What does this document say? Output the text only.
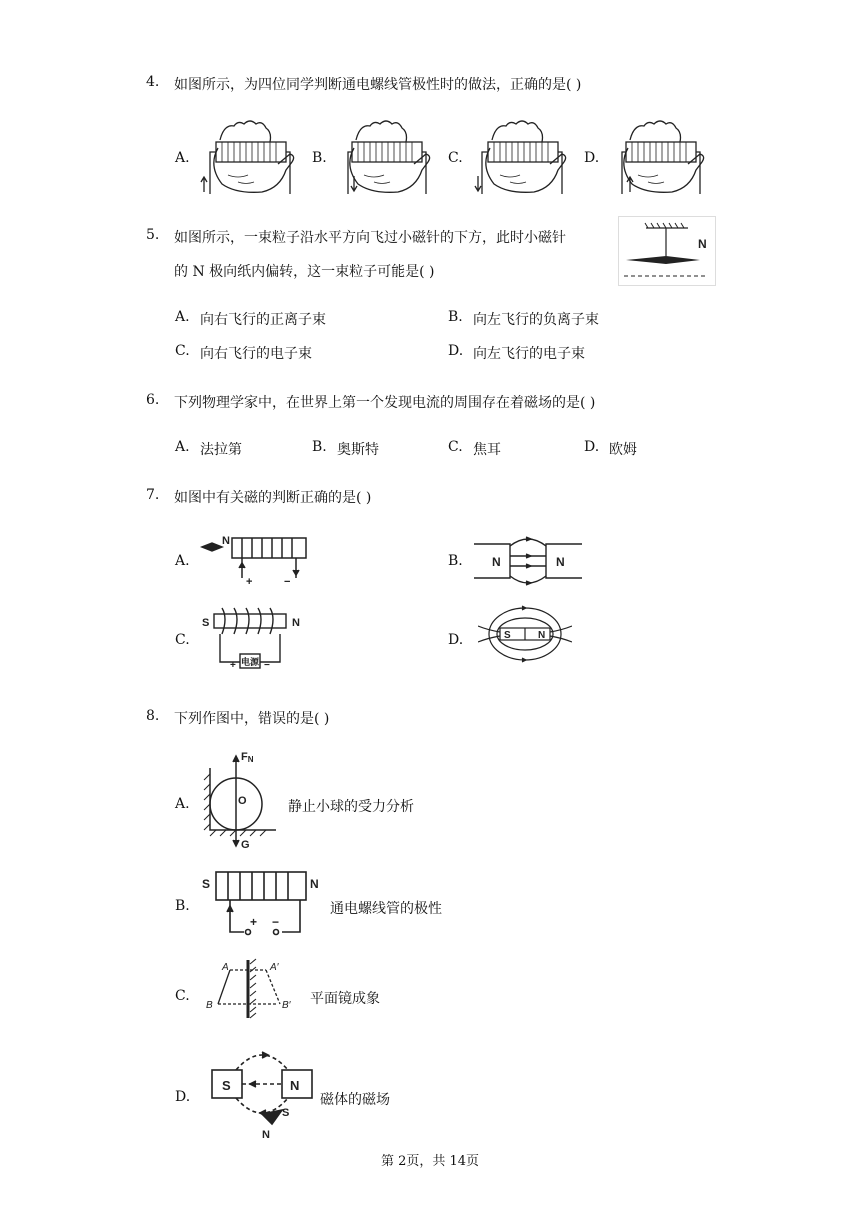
4. 如图所示，为四位同学判断通电螺线管极性时的做法，正确的是( )
A.	B.	C.	D.
5. 如图所示，一束粒子沿水平方向飞过小磁针的下方，此时小磁针
的 N 极向纸内偏转，这一束粒子可能是( )
N
A. 向右飞行的正离子束	B. 向左飞行的负离子束
C. 向右飞行的电子束	D. 向左飞行的电子束
6. 下列物理学家中，在世界上第一个发现电流的周围存在着磁场的是( )
A. 法拉第	B. 奥斯特	C. 焦耳	D. 欧姆
7. 如图中有关磁的判断正确的是( )
A.
N
+	−
B. N	N
C.
S	N
电源
+	−
D.	S	N
8. 下列作图中，错误的是( )
A.
FN
O
G
静止小球的受力分析
B.
S	N
+ −
通电螺线管的极性
C.
A	A′
B	B′ 平面镜成象
D.
S	N
S
N
磁体的磁场
第 2页，共 14页
